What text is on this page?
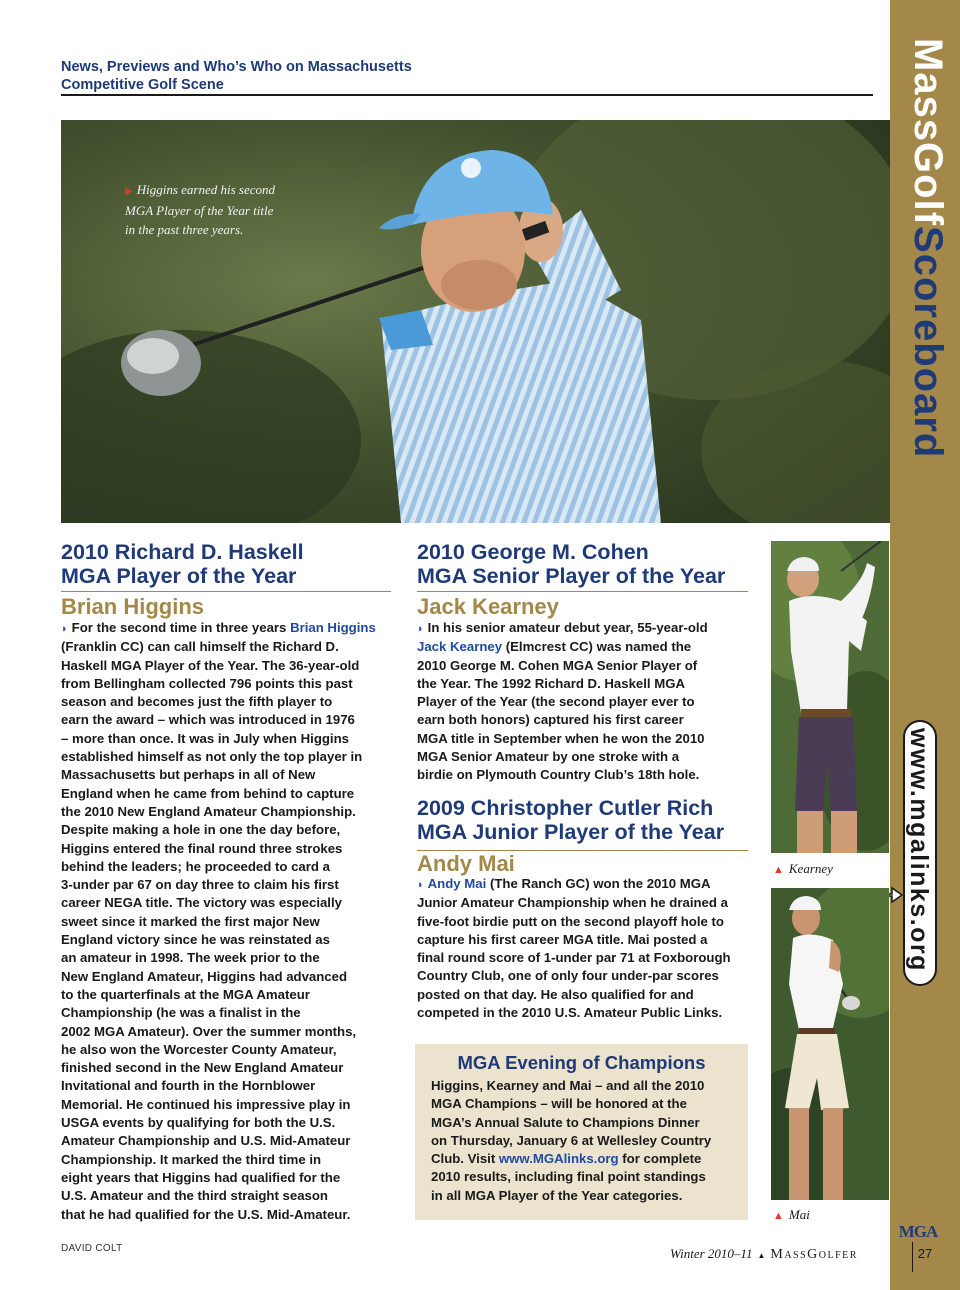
News, Previews and Who’s Who on Massachusetts
Competitive Golf Scene
▶ Higgins earned his second
MGA Player of the Year title
in the past three years.
MassGolfScoreboard
www.mgalinks.org
MGA
27
2010 Richard D. Haskell
MGA Player of the Year
Brian Higgins
◗ For the second time in three years Brian Higgins
(Franklin CC) can call himself the Richard D.
Haskell MGA Player of the Year. The 36-year-old
from Bellingham collected 796 points this past
season and becomes just the fifth player to
earn the award – which was introduced in 1976
– more than once. It was in July when Higgins
established himself as not only the top player in
Massachusetts but perhaps in all of New
England when he came from behind to capture
the 2010 New England Amateur Championship.
Despite making a hole in one the day before,
Higgins entered the final round three strokes
behind the leaders; he proceeded to card a
3-under par 67 on day three to claim his first
career NEGA title. The victory was especially
sweet since it marked the first major New
England victory since he was reinstated as
an amateur in 1998. The week prior to the
New England Amateur, Higgins had advanced
to the quarterfinals at the MGA Amateur
Championship (he was a finalist in the
2002 MGA Amateur). Over the summer months,
he also won the Worcester County Amateur,
finished second in the New England Amateur
Invitational and fourth in the Hornblower
Memorial. He continued his impressive play in
USGA events by qualifying for both the U.S.
Amateur Championship and U.S. Mid-Amateur
Championship. It marked the third time in
eight years that Higgins had qualified for the
U.S. Amateur and the third straight season
that he had qualified for the U.S. Mid-Amateur.
2010 George M. Cohen
MGA Senior Player of the Year
Jack Kearney
◗ In his senior amateur debut year, 55-year-old
Jack Kearney (Elmcrest CC) was named the
2010 George M. Cohen MGA Senior Player of
the Year. The 1992 Richard D. Haskell MGA
Player of the Year (the second player ever to
earn both honors) captured his first career
MGA title in September when he won the 2010
MGA Senior Amateur by one stroke with a
birdie on Plymouth Country Club’s 18th hole.
2009 Christopher Cutler Rich
MGA Junior Player of the Year
Andy Mai
◗ Andy Mai (The Ranch GC) won the 2010 MGA
Junior Amateur Championship when he drained a
five-foot birdie putt on the second playoff hole to
capture his first career MGA title. Mai posted a
final round score of 1-under par 71 at Foxborough
Country Club, one of only four under-par scores
posted on that day. He also qualified for and
competed in the 2010 U.S. Amateur Public Links.
MGA Evening of Champions
Higgins, Kearney and Mai – and all the 2010
MGA Champions – will be honored at the
MGA’s Annual Salute to Champions Dinner
on Thursday, January 6 at Wellesley Country
Club. Visit www.MGAlinks.org for complete
2010 results, including final point standings
in all MGA Player of the Year categories.
▲ Kearney
▲ Mai
DAVID COLT	Winter 2010–11 ▲ MassGolfer
